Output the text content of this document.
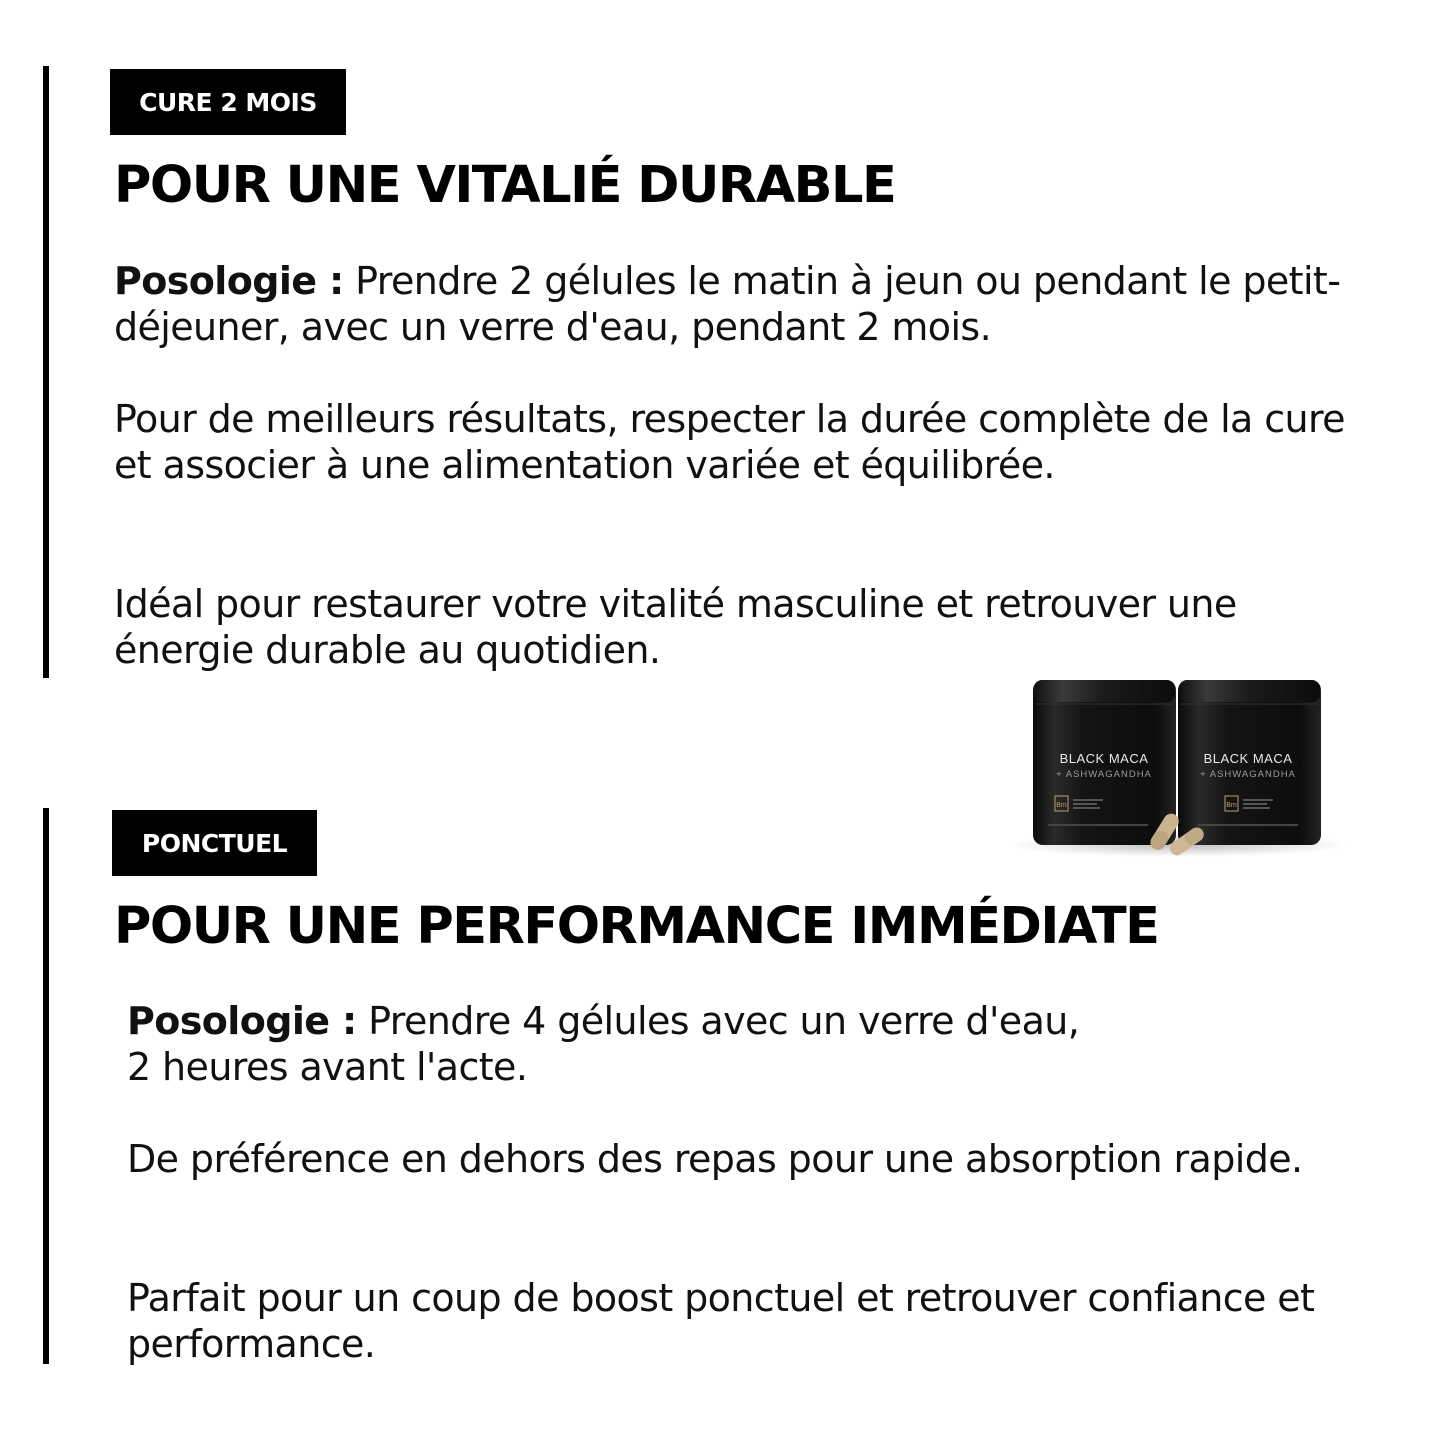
CURE 2 MOIS
POUR UNE VITALIÉ DURABLE

Posologie : Prendre 2 gélules le matin à jeun ou pendant le petit-déjeuner, avec un verre d'eau, pendant 2 mois.

Pour de meilleurs résultats, respecter la durée complète de la cure et associer à une alimentation variée et équilibrée.

Idéal pour restaurer votre vitalité masculine et retrouver une énergie durable au quotidien.

BLACK MACA
+ ASHWAGANDHA
Bm
BLACK MACA
+ ASHWAGANDHA
Bm
PONCTUEL
POUR UNE PERFORMANCE IMMÉDIATE

Posologie : Prendre 4 gélules avec un verre d'eau,
2 heures avant l'acte.

De préférence en dehors des repas pour une absorption rapide.

Parfait pour un coup de boost ponctuel et retrouver confiance et performance.
